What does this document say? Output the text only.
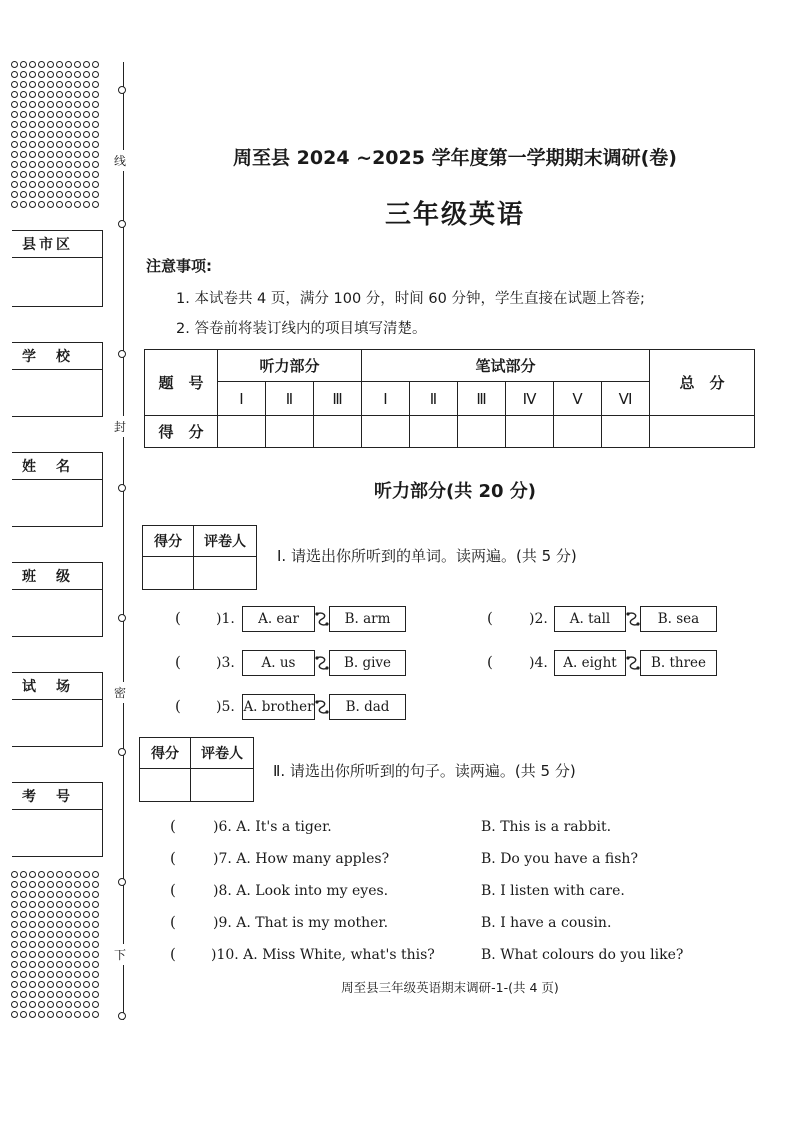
县市区
学　校
姓　名
班　级
试　场
考　号
线
封
密
下
周至县 2024 ~2025 学年度第一学期期末调研(卷)
三年级英语
注意事项:
1. 本试卷共 4 页，满分 100 分，时间 60 分钟，学生直接在试题上答卷;
2. 答卷前将装订线内的项目填写清楚。
题　号	听力部分			笔试部分						总　分
	Ⅰ	Ⅱ	Ⅲ	Ⅰ	Ⅱ	Ⅲ	Ⅳ	Ⅴ	Ⅵ	
得　分										
听力部分(共 20 分)
得分	评卷人

Ⅰ. 请选出你所听到的单词。读两遍。(共 5 分)
(	)1.	A. ear	B. arm	(	)2.	A. tall	B. sea
(	)3.	A. us	B. give	(	)4.	A. eight	B. three
(	)5. A. brother	B. dad
得分	评卷人

Ⅱ. 请选出你所听到的句子。读两遍。(共 5 分)
(	)6. A. It's a tiger.	B. This is a rabbit.
(	)7. A. How many apples?	B. Do you have a fish?
(	)8. A. Look into my eyes.	B. I listen with care.
(	)9. A. That is my mother.	B. I have a cousin.
(	)10. A. Miss White, what's this?	B. What colours do you like?
周至县三年级英语期末调研-1-(共 4 页)
